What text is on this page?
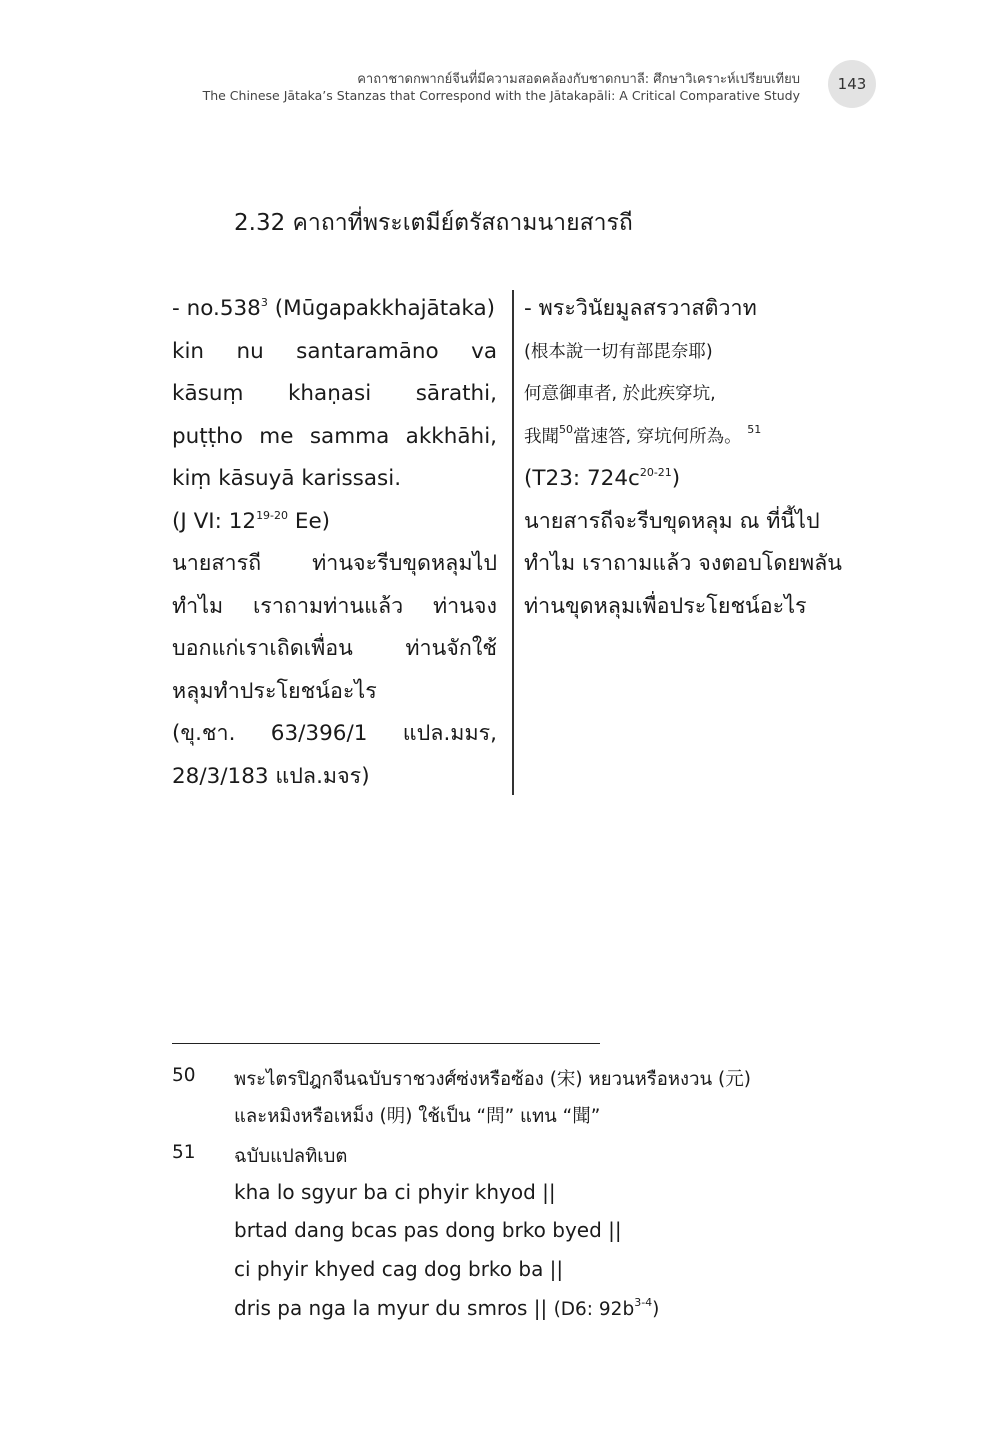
คาถาชาดกพากย์จีนที่มีความสอดคล้องกับชาดกบาลี: ศึกษาวิเคราะห์เปรียบเทียบ
The Chinese Jātaka’s Stanzas that Correspond with the Jātakapāli: A Critical Comparative Study
143
2.32 คาถาที่พระเตมีย์ตรัสถามนายสารถี
- no.538$^3$ (Mūgapakkhajātaka)
kin nu santaramāno va
kāsuṃ khaṇasi sārathi,
puṭṭho me samma akkhāhi,
kiṃ kāsuyā karissasi.
(J VI: 12$^{19-20}$ Ee)
นายสารถี ท่านจะรีบขุดหลุมไป
ทำไม เราถามท่านแล้ว ท่านจง
บอกแก่เราเถิดเพื่อน ท่านจักใช้
หลุมทำประโยชน์อะไร
(ขุ.ชา. 63/396/1 แปล.มมร,
28/3/183 แปล.มจร)
- พระวินัยมูลสรวาสติวาท
(根本說一切有部毘奈耶)
何意御車者, 於此疾穿坑,
我聞$^{50}$當速答, 穿坑何所為。 $^{51}$
(T23: $724c^{20-21}$)
นายสารถีจะรีบขุดหลุม ณ ที่นี้ไป
ทำไม เราถามแล้ว จงตอบโดยพลัน
ท่านขุดหลุมเพื่อประโยชน์อะไร
50 พระไตรปิฎกจีนฉบับราชวงศ์ซ่งหรือซ้อง (宋) หยวนหรือหงวน (元)
และหมิงหรือเหม็ง (明) ใช้เป็น “問” แทน “聞”
51 ฉบับแปลทิเบต
kha lo sgyur ba ci phyir khyod ||
brtad dang bcas pas dong brko byed ||
ci phyir khyed cag dog brko ba ||
dris pa nga la myur du smros || (D6: $92b^{3-4}$)
